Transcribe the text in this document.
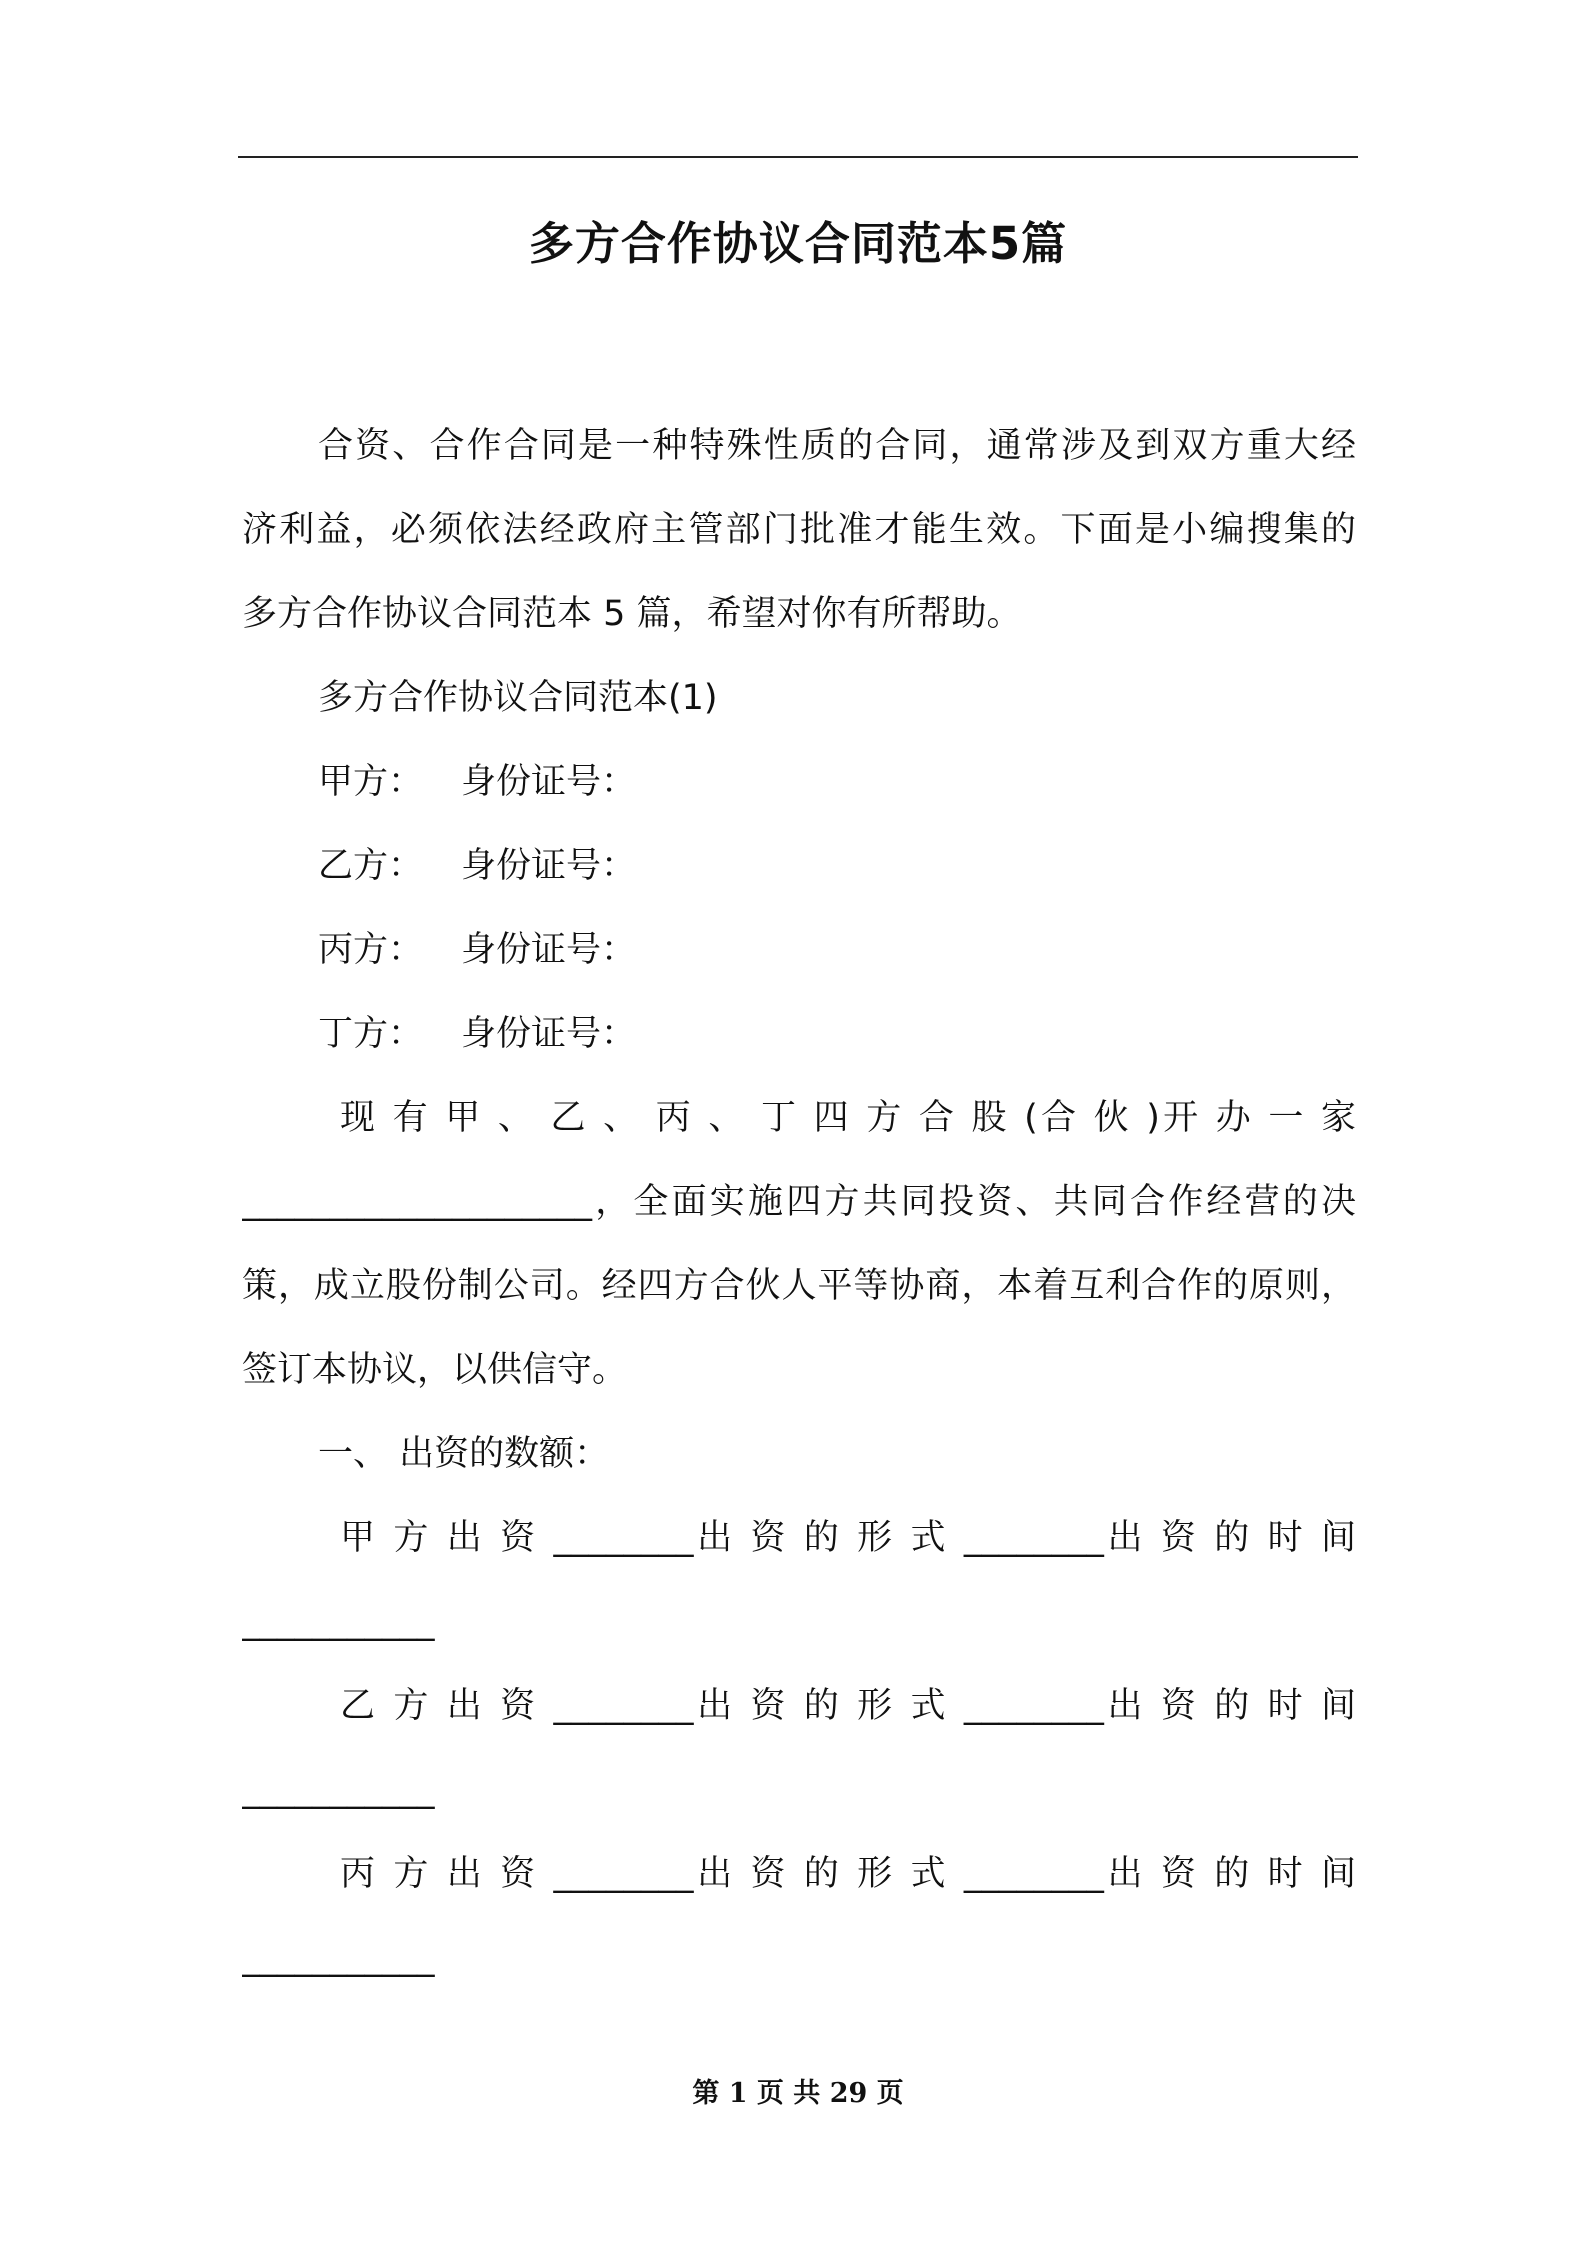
多方合作协议合同范本5篇
合资、合作合同是一种特殊性质的合同，通常涉及到双方重大经
济利益，必须依法经政府主管部门批准才能生效。下面是小编搜集的
多方合作协议合同范本 5 篇，希望对你有所帮助。
多方合作协议合同范本(1)
甲方： 身份证号：
乙方： 身份证号：
丙方： 身份证号：
丁方： 身份证号：
现 有 甲 、 乙 、 丙 、 丁 四 方 合 股 (合 伙 )开 办 一 家
____________________，全面实施四方共同投资、共同合作经营的决
策，成立股份制公司。经四方合伙人平等协商，本着互利合作的原则，
签订本协议，以供信守。
一、 出资的数额：
甲 方 出 资 ________出 资 的 形 式 ________出 资 的 时 间
___________
乙 方 出 资 ________出 资 的 形 式 ________出 资 的 时 间
___________
丙 方 出 资 ________出 资 的 形 式 ________出 资 的 时 间
___________
第 1 页 共 29 页
